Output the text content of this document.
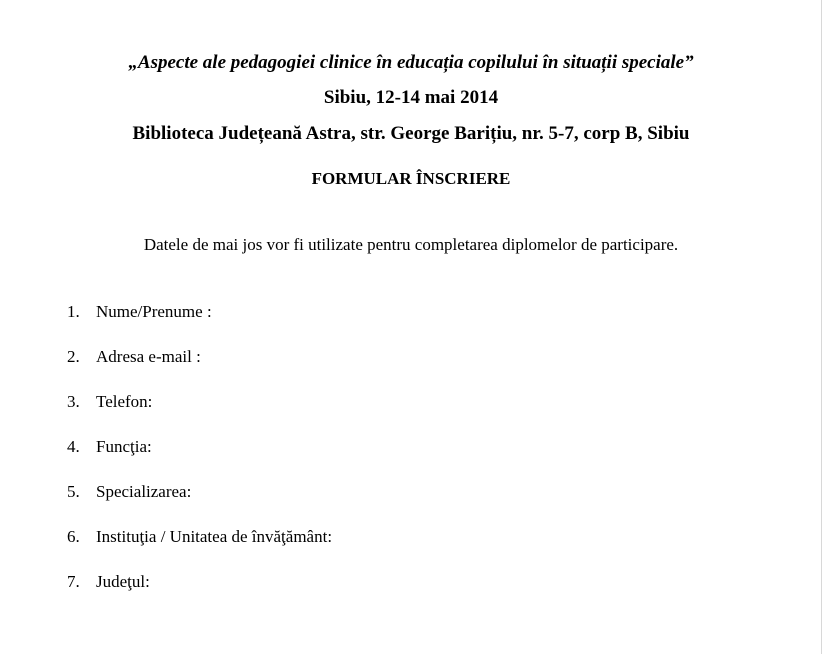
„Aspecte ale pedagogiei clinice în educația copilului în situații speciale”
Sibiu, 12-14 mai 2014
Biblioteca Județeană Astra, str. George Barițiu, nr. 5-7, corp B, Sibiu
FORMULAR ÎNSCRIERE
Datele de mai jos vor fi utilizate pentru completarea diplomelor de participare.
1. Nume/Prenume :
2. Adresa e-mail :
3. Telefon:
4. Funcţia:
5. Specializarea:
6. Instituţia / Unitatea de învăţământ:
7. Judeţul:
